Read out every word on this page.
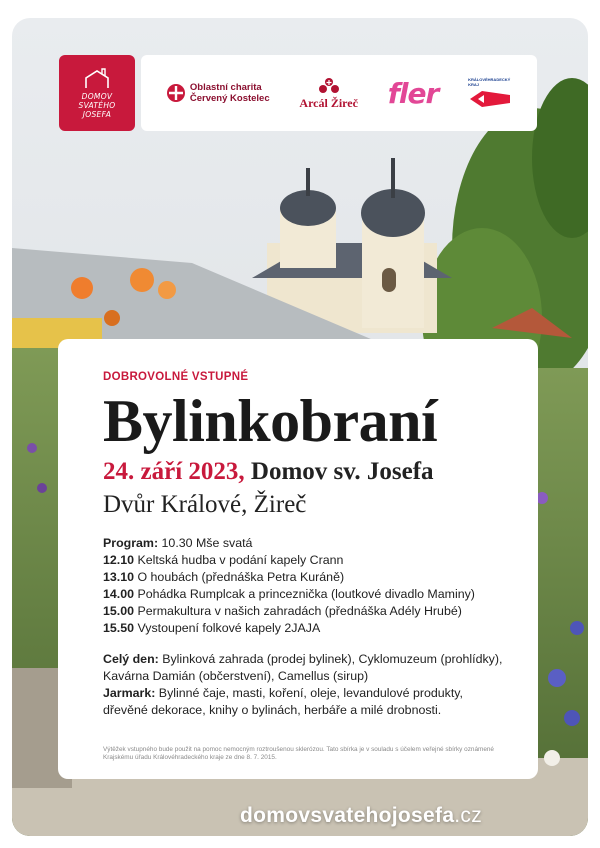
DOMOV
SVATÉHO
JOSEFA
Oblastní charita
Červený Kostelec Arcál Žireč fler	KRÁLOVÉHRADECKÝ
KRAJ
domovsvatehojosefa.cz
DOBROVOLNÉ VSTUPNÉ
Bylinkobraní
24. září 2023, Domov sv. Josefa
Dvůr Králové, Žireč
Program: 10.30 Mše svatá
12.10 Keltská hudba v podání kapely Crann
13.10 O houbách (přednáška Petra Kuráně)
14.00 Pohádka Rumplcak a princeznička (loutkové divadlo Maminy)
15.00 Permakultura v našich zahradách (přednáška Adély Hrubé)
15.50 Vystoupení folkové kapely 2JAJA
Celý den: Bylinková zahrada (prodej bylinek), Cyklomuzeum (prohlídky), Kavárna Damián (občerstvení), Camellus (sirup)
Jarmark: Bylinné čaje, masti, koření, oleje, levandulové produkty, dřevěné dekorace, knihy o bylinách, herbáře a milé drobnosti.
Výtěžek vstupného bude použit na pomoc nemocným roztroušenou sklerózou. Tato sbírka je v souladu s účelem veřejné sbírky oznámené Krajskému úřadu Královéhradeckého kraje ze dne 8. 7. 2015.
